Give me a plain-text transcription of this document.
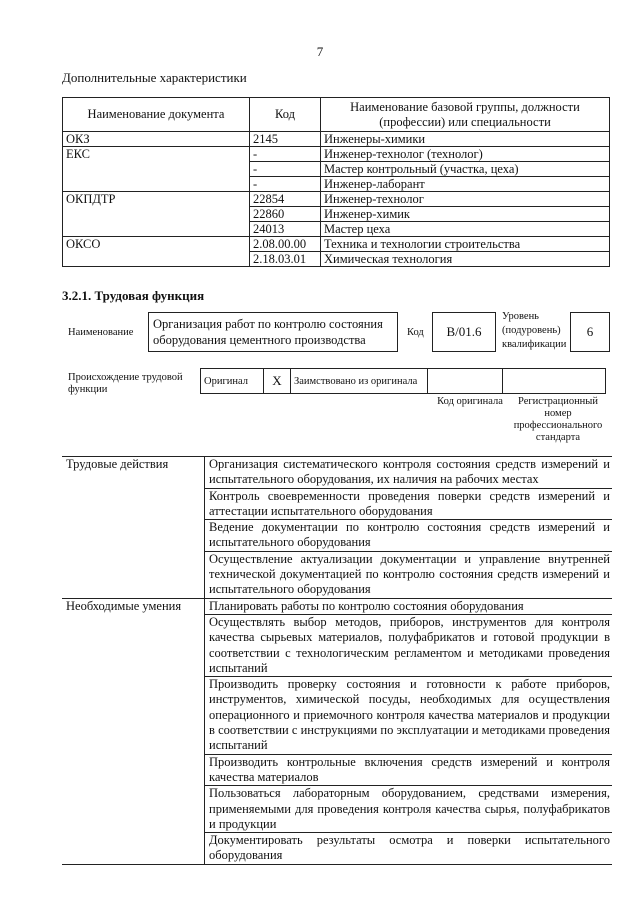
7
Дополнительные характеристики
Наименование документа	Код	Наименование базовой группы, должности (профессии) или специальности
ОКЗ	2145	Инженеры-химики
ЕКС	-	Инженер-технолог (технолог)
	-	Мастер контрольный (участка, цеха)
	-	Инженер-лаборант
ОКПДТР	22854	Инженер-технолог
	22860	Инженер-химик
	24013	Мастер цеха
ОКСО	2.08.00.00	Техника и технологии строительства
	2.18.03.01	Химическая технология
3.2.1. Трудовая функция
Наименование
Организация работ по контролю состояния оборудования цементного производства
Код	B/01.6
Уровень (подуровень) квалификации
6
Происхождение трудовой функции
Оригинал	X	Заимствовано из оригинала		
Код оригинала	Регистрационный номер профессионального стандарта
Трудовые действия	Организация систематического контроля состояния средств измерений и испытательного оборудования, их наличия на рабочих местах
	Контроль своевременности проведения поверки средств измерений и аттестации испытательного оборудования
	Ведение документации по контролю состояния средств измерений и испытательного оборудования
	Осуществление актуализации документации и управление внутренней технической документацией по контролю состояния средств измерений и испытательного оборудования
Необходимые умения	Планировать работы по контролю состояния оборудования
	Осуществлять выбор методов, приборов, инструментов для контроля качества сырьевых материалов, полуфабрикатов и готовой продукции в соответствии с технологическим регламентом и методиками проведения испытаний
	Производить проверку состояния и готовности к работе приборов, инструментов, химической посуды, необходимых для осуществления операционного и приемочного контроля качества материалов и продукции в соответствии с инструкциями по эксплуатации и методиками проведения испытаний
	Производить контрольные включения средств измерений и контроля качества материалов
	Пользоваться лабораторным оборудованием, средствами измерения, применяемыми для проведения контроля качества сырья, полуфабрикатов и продукции
	Документировать результаты осмотра и поверки испытательного оборудования
